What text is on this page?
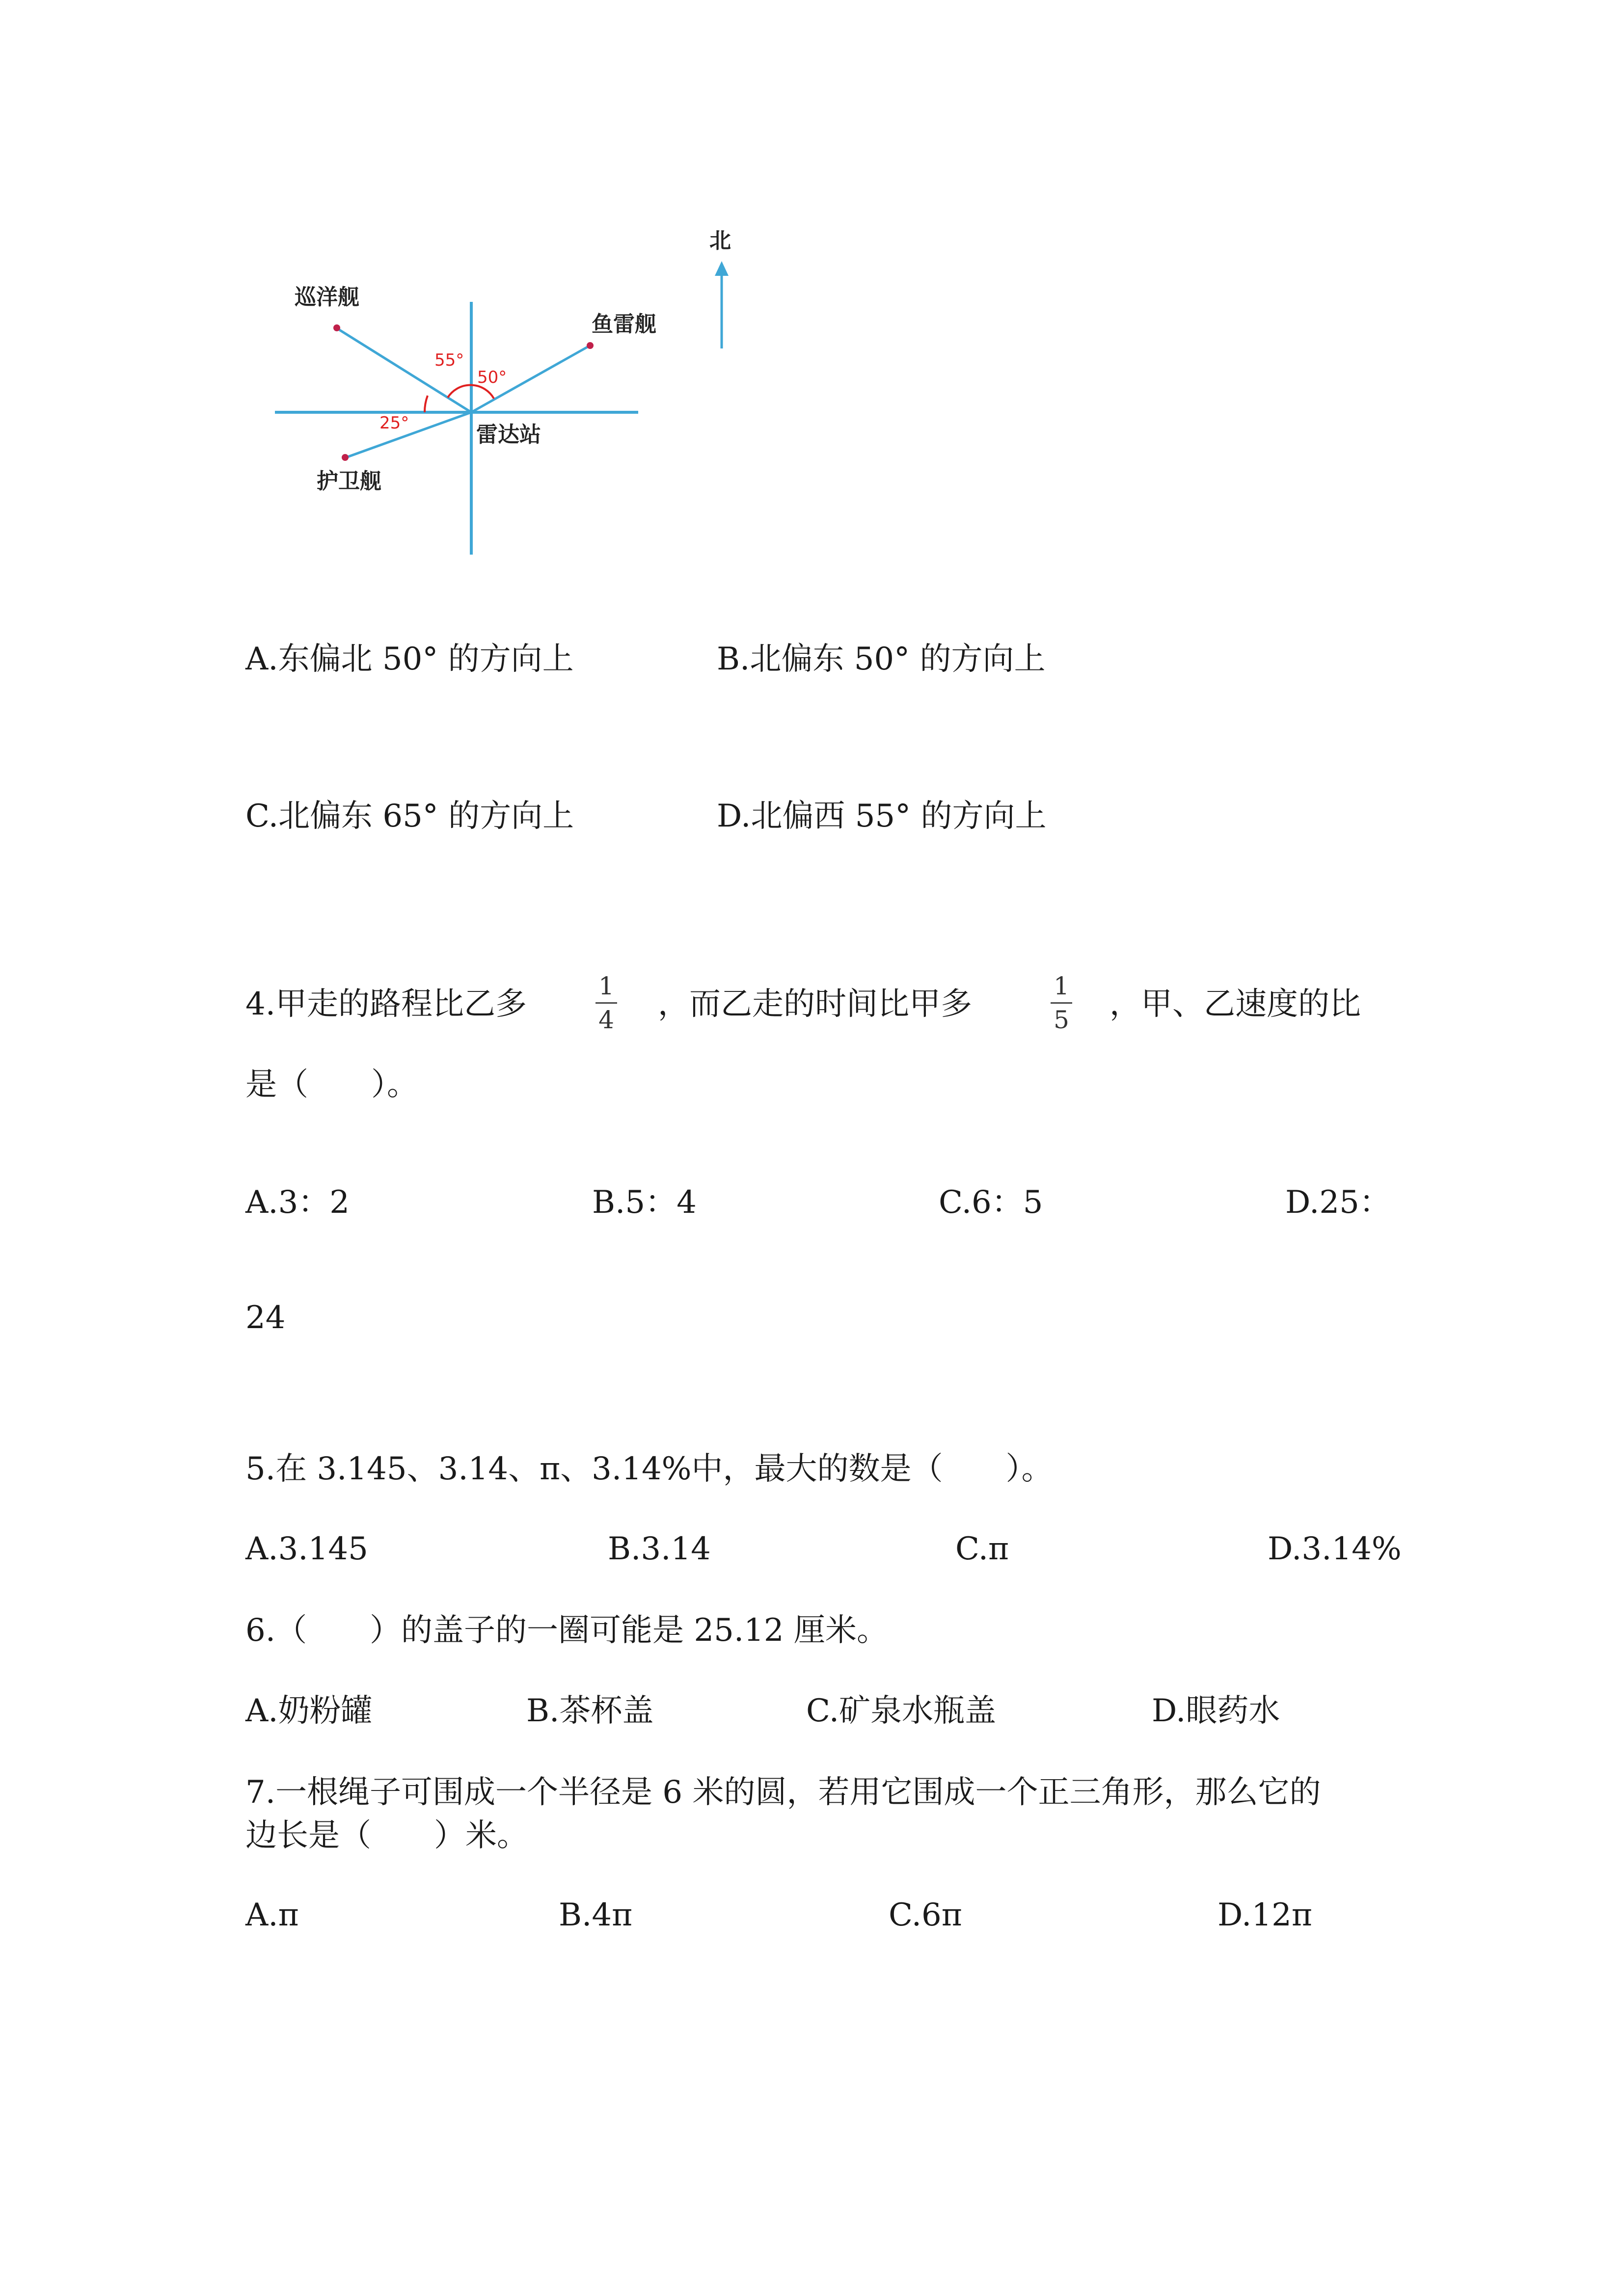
55°
50°
25°
巡洋舰
鱼雷舰
雷达站
护卫舰
北
A.东偏北 50° 的方向上	B.北偏东 50° 的方向上
C.北偏东 65° 的方向上	D.北偏西 55° 的方向上
4.甲走的路程比乙多	1
4 ，而乙走的时间比甲多	1
5 ，甲、乙速度的比
是（　　）。
A.3：2	B.5：4	C.6：5	D.25：
24
5.在 3.145、3.14、π、3.14%中，最大的数是（　　）。
A.3.145	B.3.14	C.π	D.3.14%
6.（　　）的盖子的一圈可能是 25.12 厘米。
A.奶粉罐	B.茶杯盖	C.矿泉水瓶盖	D.眼药水
7.一根绳子可围成一个半径是 6 米的圆，若用它围成一个正三角形，那么它的
边长是（　　）米。
A.π	B.4π	C.6π	D.12π
